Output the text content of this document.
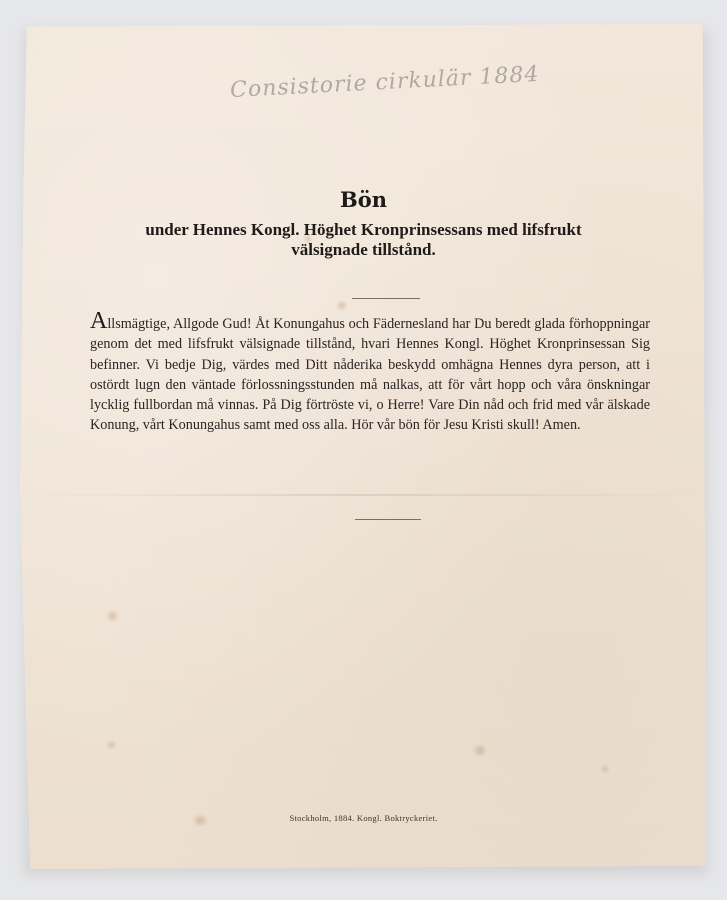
Consistorie cirkulär 1884
Bön
under Hennes Kongl. Höghet Kronprinsessans med lifsfrukt
välsignade tillstånd.
Allsmägtige, Allgode Gud! Åt Konungahus och Fädernesland har Du beredt glada förhoppningar genom det med lifsfrukt välsignade tillstånd, hvari Hennes Kongl. Höghet Kronprinsessan Sig befinner. Vi bedje Dig, värdes med Ditt nåderika beskydd omhägna Hennes dyra person, att i ostördt lugn den väntade förlossningsstunden må nalkas, att för vårt hopp och våra önskningar lycklig fullbordan må vinnas. På Dig förtröste vi, o Herre! Vare Din nåd och frid med vår älskade Konung, vårt Konungahus samt med oss alla. Hör vår bön för Jesu Kristi skull! Amen.
Stockholm, 1884. Kongl. Boktryckeriet.
